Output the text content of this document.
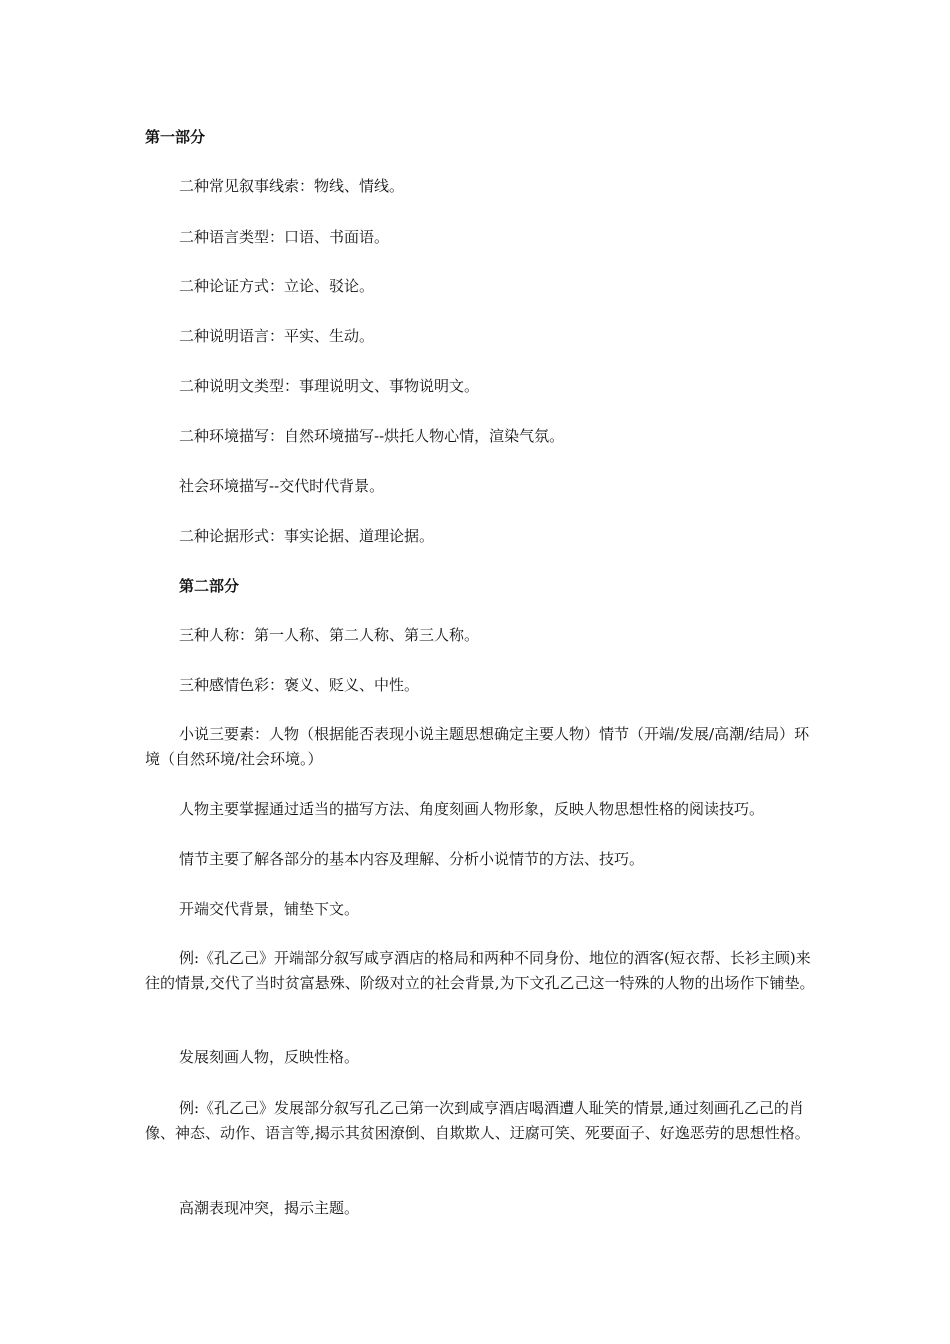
第一部分

二种常见叙事线索：物线、情线。

二种语言类型：口语、书面语。

二种论证方式：立论、驳论。

二种说明语言：平实、生动。

二种说明文类型：事理说明文、事物说明文。

二种环境描写：自然环境描写--烘托人物心情，渲染气氛。

社会环境描写--交代时代背景。

二种论据形式：事实论据、道理论据。

第二部分

三种人称：第一人称、第二人称、第三人称。

三种感情色彩：褒义、贬义、中性。

小说三要素：人物（根据能否表现小说主题思想确定主要人物）情节（开端/发展/高潮/结局）环境（自然环境/社会环境。）

人物主要掌握通过适当的描写方法、角度刻画人物形象，反映人物思想性格的阅读技巧。

情节主要了解各部分的基本内容及理解、分析小说情节的方法、技巧。

开端交代背景，铺垫下文。

例:《孔乙己》开端部分叙写咸亨酒店的格局和两种不同身份、地位的酒客(短衣帮、长衫主顾)来往的情景,交代了当时贫富悬殊、阶级对立的社会背景,为下文孔乙己这一特殊的人物的出场作下铺垫。

发展刻画人物，反映性格。

例:《孔乙己》发展部分叙写孔乙己第一次到咸亨酒店喝酒遭人耻笑的情景,通过刻画孔乙己的肖像、神态、动作、语言等,揭示其贫困潦倒、自欺欺人、迂腐可笑、死要面子、好逸恶劳的思想性格。

高潮表现冲突，揭示主题。
